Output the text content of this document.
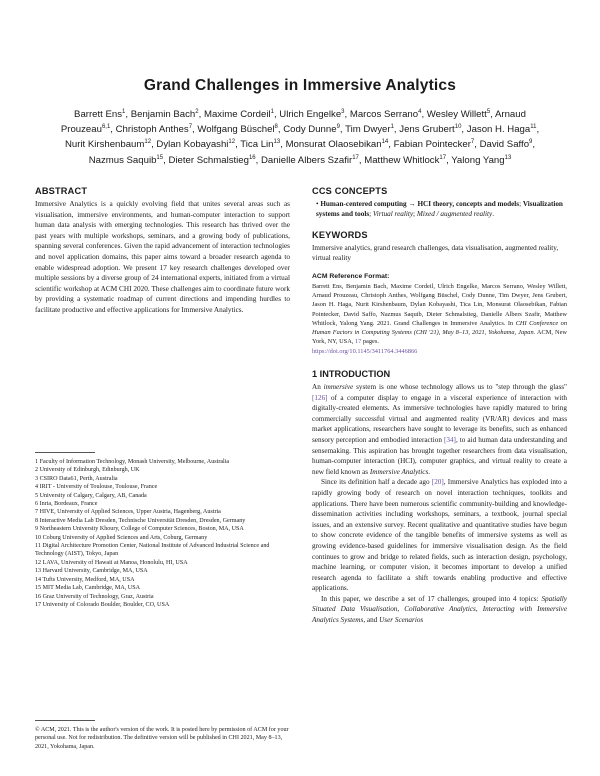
Grand Challenges in Immersive Analytics
Barrett Ens$^1$, Benjamin Bach$^2$, Maxime Cordeil$^1$, Ulrich Engelke$^3$, Marcos Serrano$^4$, Wesley Willett$^5$, Arnaud Prouzeau$^{6,1}$, Christoph Anthes$^7$, Wolfgang Büschel$^8$, Cody Dunne$^9$, Tim Dwyer$^1$, Jens Grubert$^{10}$, Jason H. Haga$^{11}$, Nurit Kirshenbaum$^{12}$, Dylan Kobayashi$^{12}$, Tica Lin$^{13}$, Monsurat Olaosebikan$^{14}$, Fabian Pointecker$^7$, David Saffo$^9$, Nazmus Saquib$^{15}$, Dieter Schmalstieg$^{16}$, Danielle Albers Szafir$^{17}$, Matthew Whitlock$^{17}$, Yalong Yang$^{13}$
ABSTRACT

Immersive Analytics is a quickly evolving field that unites several areas such as visualisation, immersive environments, and human-computer interaction to support human data analysis with emerging technologies. This research has thrived over the past years with multiple workshops, seminars, and a growing body of publications, spanning several conferences. Given the rapid advancement of interaction technologies and novel application domains, this paper aims toward a broader research agenda to enable widespread adoption. We present 17 key research challenges developed over multiple sessions by a diverse group of 24 international experts, initiated from a virtual scientific workshop at ACM CHI 2020. These challenges aim to coordinate future work by providing a systematic roadmap of current directions and impending hurdles to facilitate productive and effective applications for Immersive Analytics.

1 Faculty of Information Technology, Monash University, Melbourne, Australia

2 University of Edinburgh, Edinburgh, UK

3 CSIRO Data61, Perth, Australia

4 IRIT - University of Toulouse, Toulouse, France

5 University of Calgary, Calgary, AB, Canada

6 Inria, Bordeaux, France

7 HIVE, University of Applied Sciences, Upper Austria, Hagenberg, Austria

8 Interactive Media Lab Dresden, Technische Universität Dresden, Dresden, Germany

9 Northeastern University Khoury, College of Computer Sciences, Boston, MA, USA

10 Coburg University of Applied Sciences and Arts, Coburg, Germany

11 Digital Architecture Promotion Center, National Institute of Advanced Industrial Science and Technology (AIST), Tokyo, Japan

12 LAVA, University of Hawaii at Manoa, Honolulu, HI, USA

13 Harvard University, Cambridge, MA, USA

14 Tufts University, Medford, MA, USA

15 MIT Media Lab, Cambridge, MA, USA

16 Graz University of Technology, Graz, Austria

17 University of Colorado Boulder, Boulder, CO, USA

© ACM, 2021. This is the author's version of the work. It is posted here by permission of ACM for your personal use. Not for redistribution. The definitive version will be published in CHI 2021, May 8–13, 2021, Yokohama, Japan.

CCS CONCEPTS

• Human-centered computing → HCI theory, concepts and models; Visualization systems and tools; Virtual reality; Mixed / augmented reality.

KEYWORDS

Immersive analytics, grand research challenges, data visualisation, augmented reality, virtual reality

ACM Reference Format:

Barrett Ens, Benjamin Bach, Maxime Cordeil, Ulrich Engelke, Marcos Serrano, Wesley Willett, Arnaud Prouzeau, Christoph Anthes, Wolfgang Büschel, Cody Dunne, Tim Dwyer, Jens Grubert, Jason H. Haga, Nurit Kirshenbaum, Dylan Kobayashi, Tica Lin, Monsurat Olaosebikan, Fabian Pointecker, David Saffo, Nazmus Saquib, Dieter Schmalstieg, Danielle Albers Szafir, Matthew Whitlock, Yalong Yang. 2021. Grand Challenges in Immersive Analytics. In CHI Conference on Human Factors in Computing Systems (CHI '21), May 8–13, 2021, Yokohama, Japan. ACM, New York, NY, USA, 17 pages.
https://doi.org/10.1145/3411764.3446866

1 INTRODUCTION

An immersive system is one whose technology allows us to "step through the glass" [126] of a computer display to engage in a visceral experience of interaction with digitally-created elements. As immersive technologies have rapidly matured to bring commercially successful virtual and augmented reality (VR/AR) devices and mass market applications, researchers have sought to leverage its benefits, such as enhanced sensory perception and embodied interaction [34], to aid human data understanding and sensemaking. This aspiration has brought together researchers from data visualisation, human-computer interaction (HCI), computer graphics, and virtual reality to create a new field known as Immersive Analytics.

Since its definition half a decade ago [20], Immersive Analytics has exploded into a rapidly growing body of research on novel interaction techniques, toolkits and applications. There have been numerous scientific community-building and knowledge-dissemination activities including workshops, seminars, a textbook, journal special issues, and an extensive survey. Recent qualitative and quantitative studies have begun to show concrete evidence of the tangible benefits of immersive systems as well as growing evidence-based guidelines for immersive visualisation design. As the field continues to grow and bridge to related fields, such as interaction design, psychology, machine learning, or computer vision, it becomes important to develop a unified research agenda to facilitate a shift towards enabling productive and effective applications.

In this paper, we describe a set of 17 challenges, grouped into 4 topics: Spatially Situated Data Visualisation, Collaborative Analytics, Interacting with Immersive Analytics Systems, and User Scenarios
